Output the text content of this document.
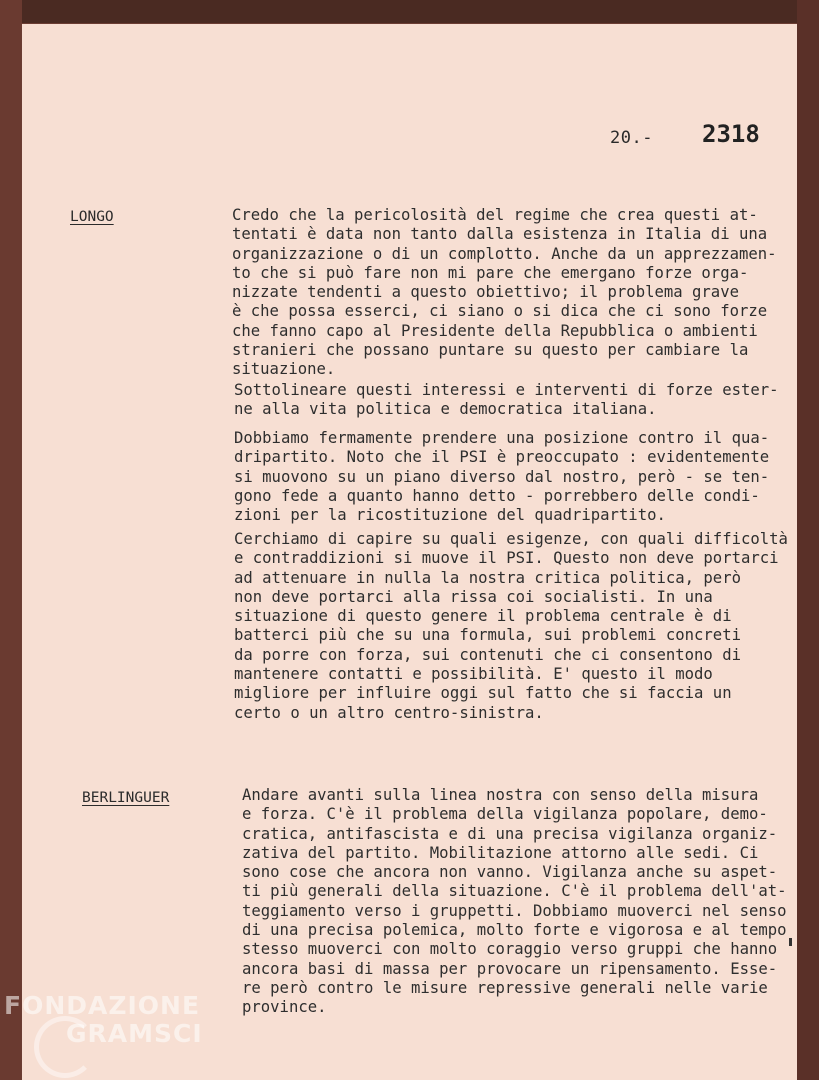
20.- 2318
LONGO	Credo che la pericolosità del regime che crea questi at-
tentati è data non tanto dalla esistenza in Italia di una
organizzazione o di un complotto. Anche da un apprezzamen-
to che si può fare non mi pare che emergano forze orga-
nizzate tendenti a questo obiettivo; il problema grave
è che possa esserci, ci siano o si dica che ci sono forze
che fanno capo al Presidente della Repubblica o ambienti
stranieri che possano puntare su questo per cambiare la
situazione.

Sottolineare questi interessi e interventi di forze ester-
ne alla vita politica e democratica italiana.

Dobbiamo fermamente prendere una posizione contro il qua-
dripartito. Noto che il PSI è preoccupato : evidentemente
si muovono su un piano diverso dal nostro, però - se ten-
gono fede a quanto hanno detto - porrebbero delle condi-
zioni per la ricostituzione del quadripartito.

Cerchiamo di capire su quali esigenze, con quali difficoltà
e contraddizioni si muove il PSI. Questo non deve portarci
ad attenuare in nulla la nostra critica politica, però
non deve portarci alla rissa coi socialisti. In una
situazione di questo genere il problema centrale è di
batterci più che su una formula, sui problemi concreti
da porre con forza, sui contenuti che ci consentono di
mantenere contatti e possibilità. E' questo il modo
migliore per influire oggi sul fatto che si faccia un
certo o un altro centro-sinistra.

BERLINGUER	Andare avanti sulla linea nostra con senso della misura
e forza. C'è il problema della vigilanza popolare, demo-
cratica, antifascista e di una precisa vigilanza organiz-
zativa del partito. Mobilitazione attorno alle sedi. Ci
sono cose che ancora non vanno. Vigilanza anche su aspet-
ti più generali della situazione. C'è il problema dell'at-
teggiamento verso i gruppetti. Dobbiamo muoverci nel senso
di una precisa polemica, molto forte e vigorosa e al tempo
stesso muoverci con molto coraggio verso gruppi che hanno
ancora basi di massa per provocare un ripensamento. Esse-
re però contro le misure repressive generali nelle varie
province.

FONDAZIONE
GRAMSCI
